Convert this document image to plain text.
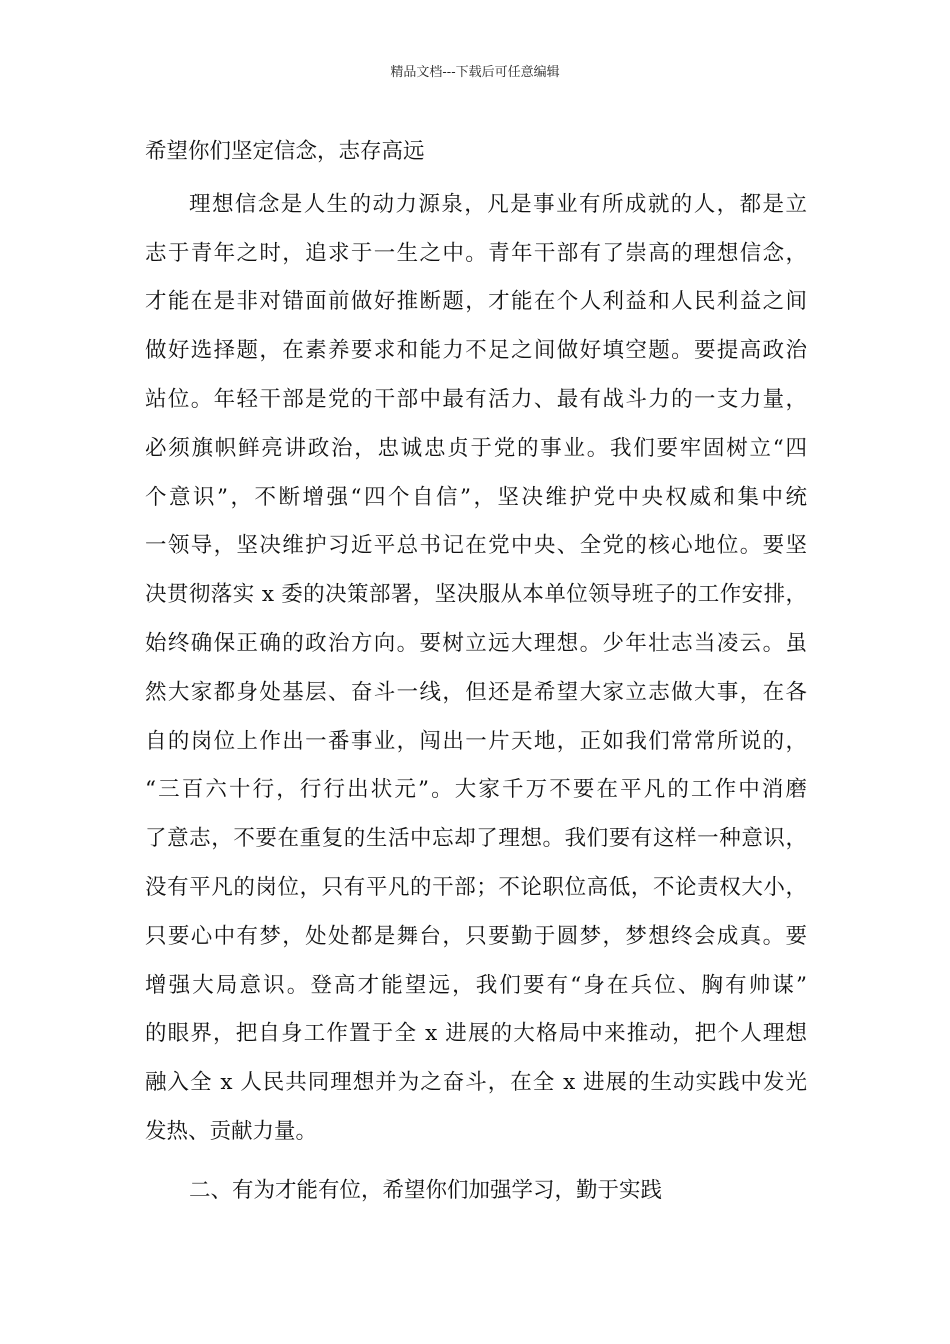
精品文档---下载后可任意编辑
希望你们坚定信念，志存高远
理想信念是人生的动力源泉，凡是事业有所成就的人，都是立
志于青年之时，追求于一生之中。青年干部有了崇高的理想信念，
才能在是非对错面前做好推断题，才能在个人利益和人民利益之间
做好选择题，在素养要求和能力不足之间做好填空题。要提高政治
站位。年轻干部是党的干部中最有活力、最有战斗力的一支力量，
必须旗帜鲜亮讲政治，忠诚忠贞于党的事业。我们要牢固树立“四
个意识”，不断增强“四个自信”，坚决维护党中央权威和集中统
一领导，坚决维护习近平总书记在党中央、全党的核心地位。要坚
决贯彻落实 x 委的决策部署，坚决服从本单位领导班子的工作安排，
始终确保正确的政治方向。要树立远大理想。少年壮志当凌云。虽
然大家都身处基层、奋斗一线，但还是希望大家立志做大事，在各
自的岗位上作出一番事业，闯出一片天地，正如我们常常所说的，
“三百六十行，行行出状元”。大家千万不要在平凡的工作中消磨
了意志，不要在重复的生活中忘却了理想。我们要有这样一种意识，
没有平凡的岗位，只有平凡的干部；不论职位高低，不论责权大小，
只要心中有梦，处处都是舞台，只要勤于圆梦，梦想终会成真。要
增强大局意识。登高才能望远，我们要有“身在兵位、胸有帅谋”
的眼界，把自身工作置于全 x 进展的大格局中来推动，把个人理想
融入全 x 人民共同理想并为之奋斗，在全 x 进展的生动实践中发光
发热、贡献力量。
二、有为才能有位，希望你们加强学习，勤于实践
